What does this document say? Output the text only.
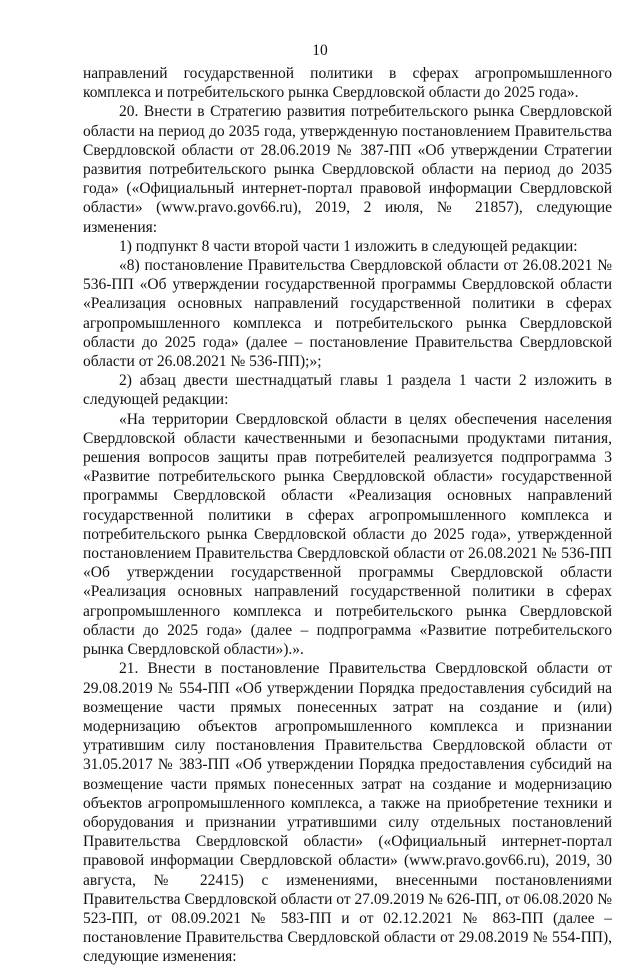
10

направлений государственной политики в сферах агропромышленного комплекса и потребительского рынка Свердловской области до 2025 года».

20. Внести в Стратегию развития потребительского рынка Свердловской области на период до 2035 года, утвержденную постановлением Правительства Свердловской области от 28.06.2019 № 387-ПП «Об утверждении Стратегии развития потребительского рынка Свердловской области на период до 2035 года» («Официальный интернет-портал правовой информации Свердловской области» (www.pravo.gov66.ru), 2019, 2 июля, № 21857), следующие изменения:

1) подпункт 8 части второй части 1 изложить в следующей редакции:

«8) постановление Правительства Свердловской области от 26.08.2021 № 536-ПП «Об утверждении государственной программы Свердловской области «Реализация основных направлений государственной политики в сферах агропромышленного комплекса и потребительского рынка Свердловской области до 2025 года» (далее – постановление Правительства Свердловской области от 26.08.2021 № 536-ПП);»;

2) абзац двести шестнадцатый главы 1 раздела 1 части 2 изложить в следующей редакции:

«На территории Свердловской области в целях обеспечения населения Свердловской области качественными и безопасными продуктами питания, решения вопросов защиты прав потребителей реализуется подпрограмма 3 «Развитие потребительского рынка Свердловской области» государственной программы Свердловской области «Реализация основных направлений государственной политики в сферах агропромышленного комплекса и потребительского рынка Свердловской области до 2025 года», утвержденной постановлением Правительства Свердловской области от 26.08.2021 № 536-ПП «Об утверждении государственной программы Свердловской области «Реализация основных направлений государственной политики в сферах агропромышленного комплекса и потребительского рынка Свердловской области до 2025 года» (далее – подпрограмма «Развитие потребительского рынка Свердловской области»).».

21. Внести в постановление Правительства Свердловской области от 29.08.2019 № 554-ПП «Об утверждении Порядка предоставления субсидий на возмещение части прямых понесенных затрат на создание и (или) модернизацию объектов агропромышленного комплекса и признании утратившим силу постановления Правительства Свердловской области от 31.05.2017 № 383-ПП «Об утверждении Порядка предоставления субсидий на возмещение части прямых понесенных затрат на создание и модернизацию объектов агропромышленного комплекса, а также на приобретение техники и оборудования и признании утратившими силу отдельных постановлений Правительства Свердловской области» («Официальный интернет-портал правовой информации Свердловской области» (www.pravo.gov66.ru), 2019, 30 августа, № 22415) с изменениями, внесенными постановлениями Правительства Свердловской области от 27.09.2019 № 626-ПП, от 06.08.2020 № 523-ПП, от 08.09.2021 № 583-ПП и от 02.12.2021 № 863-ПП (далее – постановление Правительства Свердловской области от 29.08.2019 № 554-ПП), следующие изменения:
